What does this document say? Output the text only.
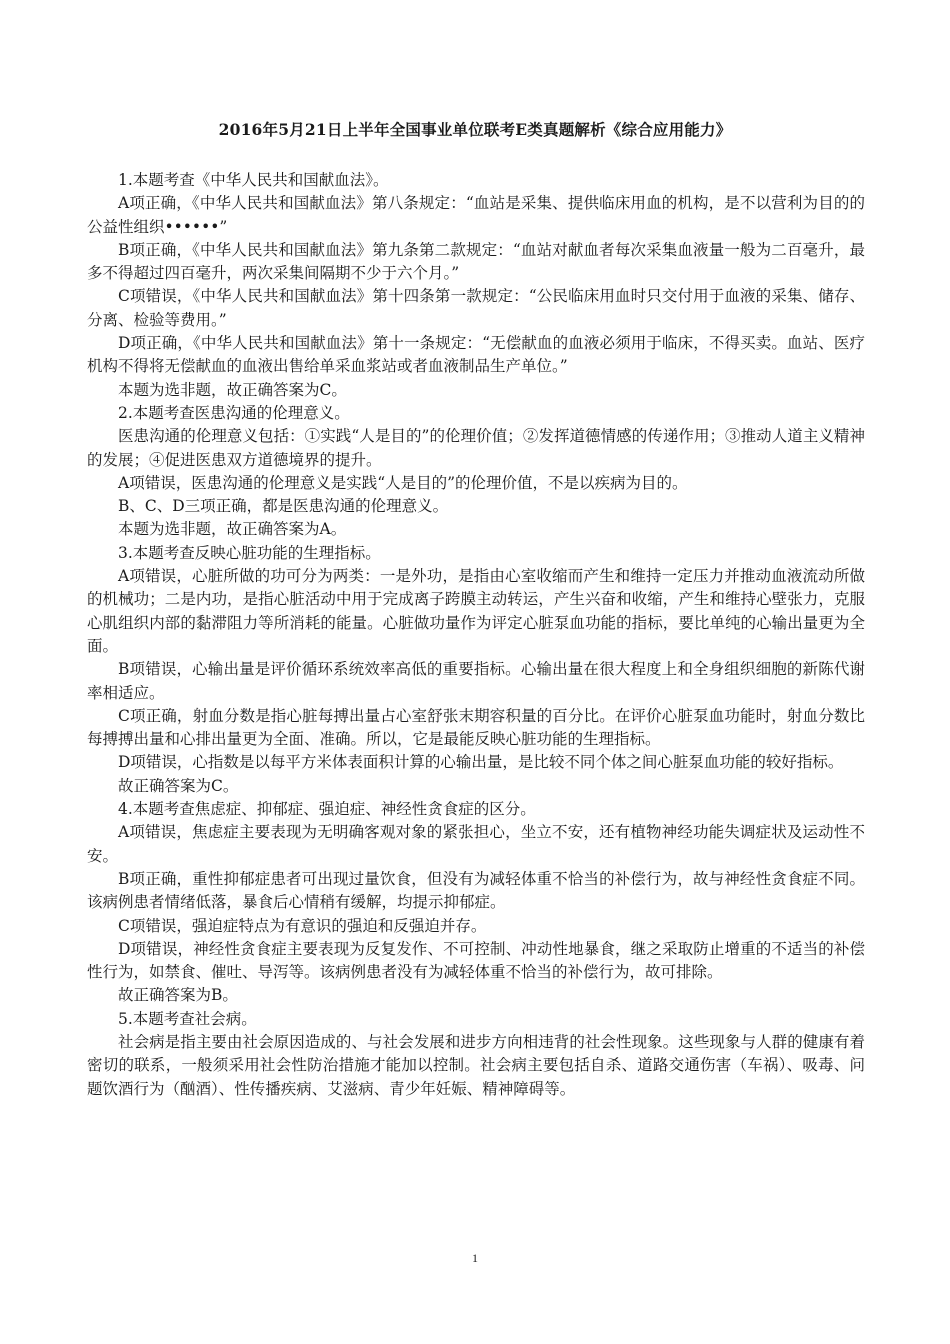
2016年5月21日上半年全国事业单位联考E类真题解析《综合应用能力》

1.本题考查《中华人民共和国献血法》。

A项正确，《中华人民共和国献血法》第八条规定：“血站是采集、提供临床用血的机构，是不以营利为目的的公益性组织••••••”

B项正确，《中华人民共和国献血法》第九条第二款规定：“血站对献血者每次采集血液量一般为二百毫升，最多不得超过四百毫升，两次采集间隔期不少于六个月。”

C项错误，《中华人民共和国献血法》第十四条第一款规定：“公民临床用血时只交付用于血液的采集、储存、分离、检验等费用。”

D项正确，《中华人民共和国献血法》第十一条规定：“无偿献血的血液必须用于临床，不得买卖。血站、医疗机构不得将无偿献血的血液出售给单采血浆站或者血液制品生产单位。”

本题为选非题，故正确答案为C。

2.本题考查医患沟通的伦理意义。

医患沟通的伦理意义包括：①实践“人是目的”的伦理价值；②发挥道德情感的传递作用；③推动人道主义精神的发展；④促进医患双方道德境界的提升。

A项错误，医患沟通的伦理意义是实践“人是目的”的伦理价值，不是以疾病为目的。

B、C、D三项正确，都是医患沟通的伦理意义。

本题为选非题，故正确答案为A。

3.本题考查反映心脏功能的生理指标。

A项错误，心脏所做的功可分为两类：一是外功，是指由心室收缩而产生和维持一定压力并推动血液流动所做的机械功；二是内功，是指心脏活动中用于完成离子跨膜主动转运，产生兴奋和收缩，产生和维持心壁张力，克服心肌组织内部的黏滞阻力等所消耗的能量。心脏做功量作为评定心脏泵血功能的指标，要比单纯的心输出量更为全面。

B项错误，心输出量是评价循环系统效率高低的重要指标。心输出量在很大程度上和全身组织细胞的新陈代谢率相适应。

C项正确，射血分数是指心脏每搏出量占心室舒张末期容积量的百分比。在评价心脏泵血功能时，射血分数比每搏搏出量和心排出量更为全面、准确。所以，它是最能反映心脏功能的生理指标。

D项错误，心指数是以每平方米体表面积计算的心输出量，是比较不同个体之间心脏泵血功能的较好指标。

故正确答案为C。

4.本题考查焦虑症、抑郁症、强迫症、神经性贪食症的区分。

A项错误，焦虑症主要表现为无明确客观对象的紧张担心，坐立不安，还有植物神经功能失调症状及运动性不安。

B项正确，重性抑郁症患者可出现过量饮食，但没有为减轻体重不恰当的补偿行为，故与神经性贪食症不同。该病例患者情绪低落，暴食后心情稍有缓解，均提示抑郁症。

C项错误，强迫症特点为有意识的强迫和反强迫并存。

D项错误，神经性贪食症主要表现为反复发作、不可控制、冲动性地暴食，继之采取防止增重的不适当的补偿性行为，如禁食、催吐、导泻等。该病例患者没有为减轻体重不恰当的补偿行为，故可排除。

故正确答案为B。

5.本题考查社会病。

社会病是指主要由社会原因造成的、与社会发展和进步方向相违背的社会性现象。这些现象与人群的健康有着密切的联系，一般须采用社会性防治措施才能加以控制。社会病主要包括自杀、道路交通伤害（车祸）、吸毒、问题饮酒行为（酗酒）、性传播疾病、艾滋病、青少年妊娠、精神障碍等。

1
